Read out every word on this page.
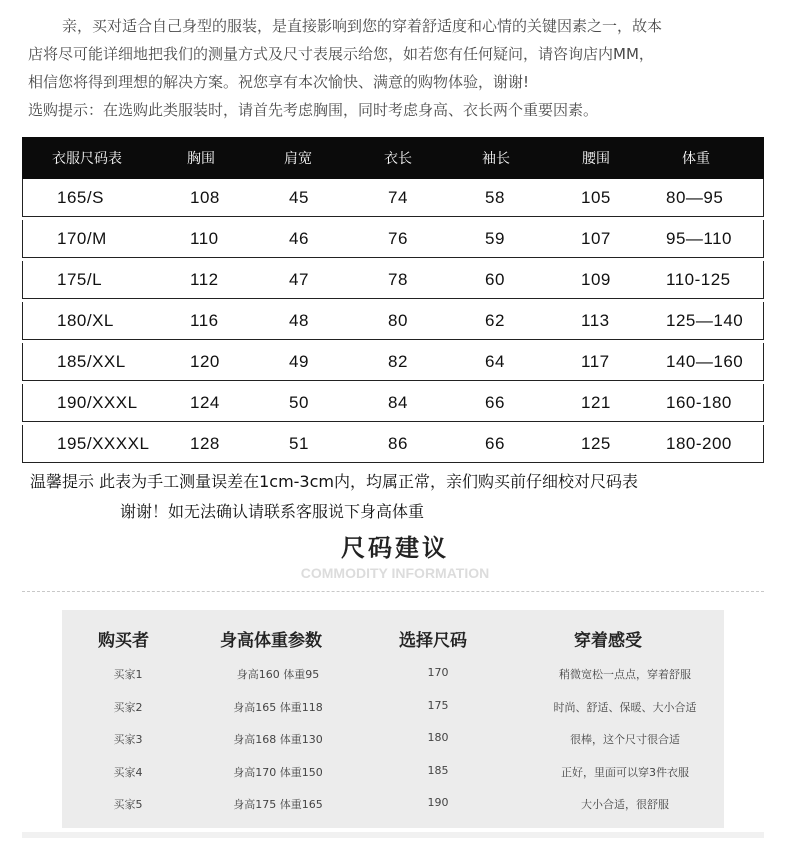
亲，买对适合自己身型的服装，是直接影响到您的穿着舒适度和心情的关键因素之一，故本

店将尽可能详细地把我们的测量方式及尺寸表展示给您，如若您有任何疑问，请咨询店内MM，

相信您将得到理想的解决方案。祝您享有本次愉快、满意的购物体验，谢谢!

选购提示：在选购此类服装时，请首先考虑胸围，同时考虑身高、衣长两个重要因素。

衣服尺码表	胸围	肩宽	衣长	袖长	腰围	体重
165/S	108	45	74	58	105	80—95
170/M	110	46	76	59	107	95—110
175/L	112	47	78	60	109	110-125
180/XL	116	48	80	62	113	125—140
185/XXL	120	49	82	64	117	140—160
190/XXXL	124	50	84	66	121	160-180
195/XXXXL 128	51	86	66	125	180-200
温馨提示 此表为手工测量误差在1cm-3cm内，均属正常，亲们购买前仔细校对尺码表
谢谢！如无法确认请联系客服说下身高体重
尺码建议
COMMODITY INFORMATION
购买者	身高体重参数	选择尺码	穿着感受
买家1	身高160 体重95	170	稍微宽松一点点，穿着舒服
买家2	身高165 体重118	175	时尚、舒适、保暖、大小合适
买家3	身高168 体重130	180	很棒，这个尺寸很合适
买家4	身高170 体重150	185	正好，里面可以穿3件衣服
买家5	身高175 体重165	190	大小合适，很舒服
